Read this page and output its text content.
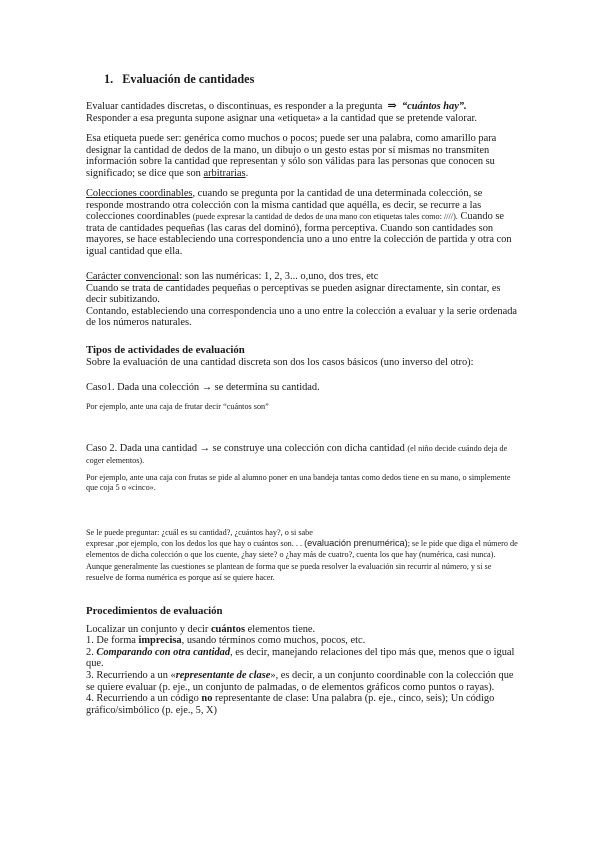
1. Evaluación de cantidades

Evaluar cantidades discretas, o discontinuas, es responder a la pregunta  ⇒ “cuántos hay”.

Responder a esa pregunta supone asignar una «etiqueta» a la cantidad que se pretende valorar.

Esa etiqueta puede ser: genérica como muchos o pocos; puede ser una palabra, como amarillo para designar la cantidad de dedos de la mano, un dibujo o un gesto estas por sí mismas no transmiten información sobre la cantidad que representan y sólo son válidas para las personas que conocen su significado; se dice que son arbitrarias.

Colecciones coordinables, cuando se pregunta por la cantidad de una determinada colección, se responde mostrando otra colección con la misma cantidad que aquélla, es decir, se recurre a las colecciones coordinables (puede expresar la cantidad de dedos de una mano con etiquetas tales como: ////). Cuando se trata de cantidades pequeñas (las caras del dominó), forma perceptiva. Cuando son cantidades son mayores, se hace estableciendo una correspondencia uno a uno entre la colección de partida y otra con igual cantidad que ella.

Carácter convencional: son las numéricas: 1, 2, 3... o,uno, dos tres, etc

Cuando se trata de cantidades pequeñas o perceptivas se pueden asignar directamente, sin contar, es decir subitizando.

Contando, estableciendo una correspondencia uno a uno entre la colección a evaluar y la serie ordenada de los números naturales.

Tipos de actividades de evaluación

Sobre la evaluación de una cantidad discreta son dos los casos básicos (uno inverso del otro):

Caso1. Dada una colección → se determina su cantidad.

Por ejemplo, ante una caja de frutar decir “cuántos son”

Caso 2. Dada una cantidad → se construye una colección con dicha cantidad (el niño decide cuándo deja de coger elementos).

Por ejemplo, ante una caja con frutas se pide al alumno poner en una bandeja tantas como dedos tiene en su mano, o simplemente que coja 5 o «cinco».

Se le puede preguntar: ¿cuál es su cantidad?, ¿cuántos hay?, o si sabe

expresar ,por ejemplo, con los dedos los que hay o cuántos son. . . (evaluación prenumérica); se le pide que diga el número de elementos de dicha colección o que los cuente, ¿hay siete? o ¿hay más de cuatro?, cuenta los que hay (numérica, casi nunca).

Aunque generalmente las cuestiones se plantean de forma que se pueda resolver la evaluación sin recurrir al número, y si se resuelve de forma numérica es porque así se quiere hacer.

Procedimientos de evaluación

Localizar un conjunto y decir cuántos elementos tiene.

1. De forma imprecisa, usando términos como muchos, pocos, etc.

2. Comparando con otra cantidad, es decir, manejando relaciones del tipo más que, menos que o igual que.

3. Recurriendo a un «representante de clase», es decir, a un conjunto coordinable con la colección que se quiere evaluar (p. eje., un conjunto de palmadas, o de elementos gráficos como puntos o rayas).

4. Recurriendo a un código no representante de clase: Una palabra (p. eje., cinco, seis); Un código gráfico/simbólico (p. eje., 5, X)
